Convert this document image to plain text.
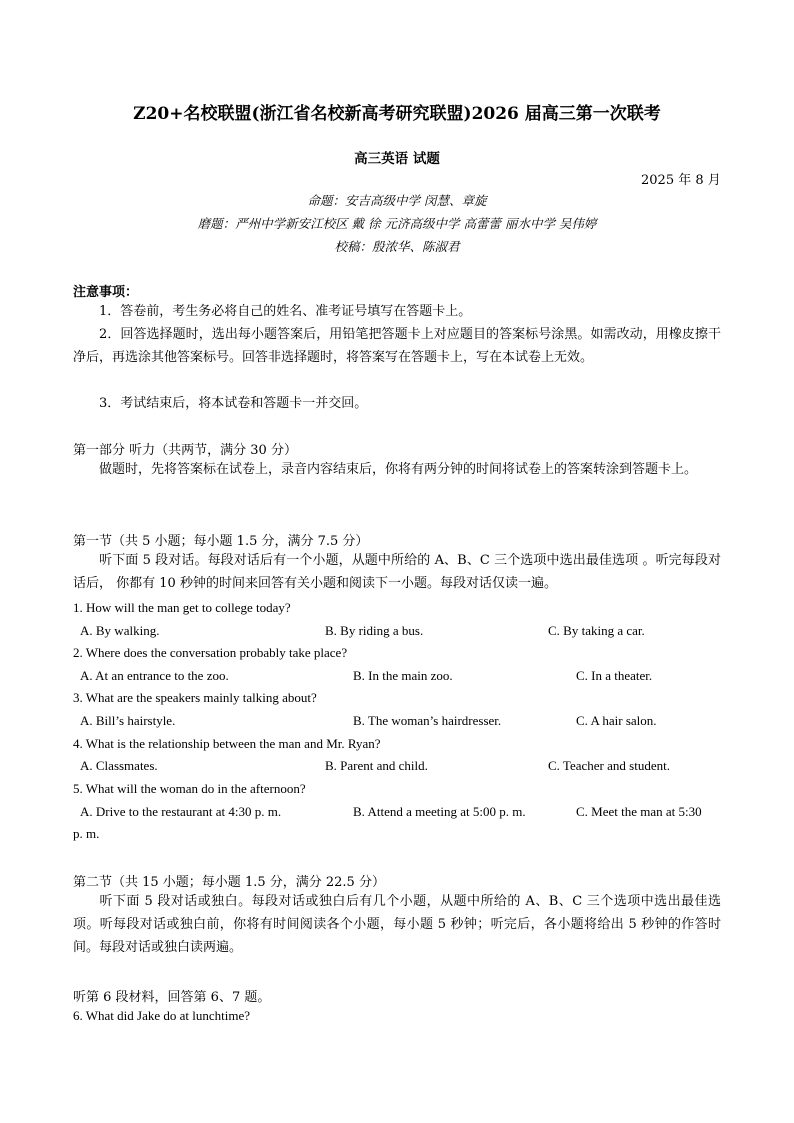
Z20+名校联盟(浙江省名校新高考研究联盟)2026 届高三第一次联考
高三英语 试题
2025 年 8 月
命题：安吉高级中学 闵慧、章旋
磨题：严州中学新安江校区 戴 徐 元济高级中学 高蕾蕾 丽水中学 吴伟婷
校稿：殷浓华、陈淑君
注意事项：
1．答卷前，考生务必将自己的姓名、准考证号填写在答题卡上。
2．回答选择题时，选出每小题答案后，用铅笔把答题卡上对应题目的答案标号涂黑。如需改动，用橡皮擦干净后，再选涂其他答案标号。回答非选择题时，将答案写在答题卡上，写在本试卷上无效。
3．考试结束后，将本试卷和答题卡一并交回。
第一部分 听力（共两节，满分 30 分）
做题时，先将答案标在试卷上，录音内容结束后，你将有两分钟的时间将试卷上的答案转涂到答题卡上。
第一节（共 5 小题；每小题 1.5 分，满分 7.5 分）
听下面 5 段对话。每段对话后有一个小题，从题中所给的 A、B、C 三个选项中选出最佳选项 。听完每段对话后， 你都有 10 秒钟的时间来回答有关小题和阅读下一小题。每段对话仅读一遍。
1. How will the man get to college today?
A. By walking.	B. By riding a bus.	C. By taking a car.
2. Where does the conversation probably take place?
A. At an entrance to the zoo.	B. In the main zoo.	C. In a theater.
3. What are the speakers mainly talking about?
A. Bill’s hairstyle.	B. The woman’s hairdresser.	C. A hair salon.
4. What is the relationship between the man and Mr. Ryan?
A. Classmates.	B. Parent and child.	C. Teacher and student.
5. What will the woman do in the afternoon?
A. Drive to the restaurant at 4:30 p. m.	B. Attend a meeting at 5:00 p. m.	C. Meet the man at 5:30
p. m.
第二节（共 15 小题；每小题 1.5 分，满分 22.5 分）
听下面 5 段对话或独白。每段对话或独白后有几个小题，从题中所给的 A、B、C 三个选项中选出最佳选项。听每段对话或独白前，你将有时间阅读各个小题，每小题 5 秒钟；听完后，各小题将给出 5 秒钟的作答时间。每段对话或独白读两遍。
听第 6 段材料，回答第 6、7 题。
6. What did Jake do at lunchtime?
